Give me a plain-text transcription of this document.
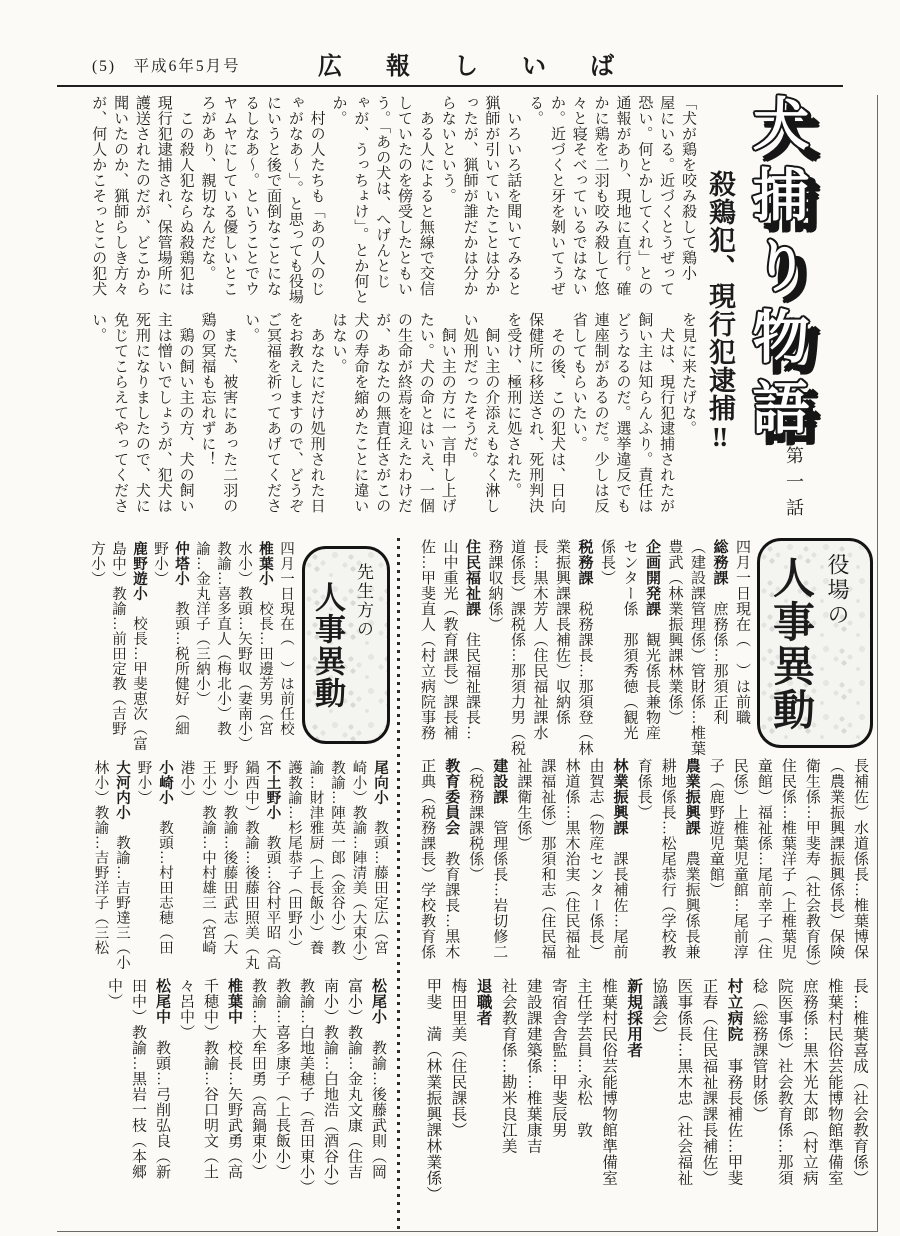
(5)　平成6年5月号	広　報　し　い　ば
犬捕り物語
殺鶏犯、現行犯逮捕‼
第一話
「犬が鶏を咬み殺して鶏小
屋にいる。近づくとうぜって
恐い。何とかしてくれ」との
通報があり、現地に直行。確
かに鶏を二羽も咬み殺して悠
々と寝そべっているではない
か。近づくと牙を剝いてうぜ
る。
　いろいろ話を聞いてみると
猟師が引いていたことは分か
ったが、猟師が誰だかは分か
らないという。
　ある人によると無線で交信
していたのを傍受したともい
う。「あの犬は、へげんとじ
ゃが、うっちょけ」。とか何と
か。
　村の人たちも「あの人のじ
ゃがなあ〜」。と思っても役場
にいうと後で面倒なことにな
るしなあ〜。ということでウ
ヤムヤにしている優しいとこ
ろがあり、親切なんだな。
　この殺人犯ならぬ殺鶏犯は
現行犯逮捕され、保管場所に
護送されたのだが、どこから
聞いたのか、猟師らしき方々
が、何人かこそっとこの犯犬
を見に来たげな。
　犬は、現行犯逮捕されたが
飼い主は知らんふり。責任は
どうなるのだ。選挙違反でも
連座制があるのだ。少しは反
省してもらいたい。
　その後、この犯犬は、日向
保健所に移送され、死刑判決
を受け、極刑に処された。
　飼い主の介添えもなく淋し
い処刑だったそうだ。
　飼い主の方に一言申し上げ
たい。犬の命とはいえ、一個
の生命が終焉を迎えたわけだ
が、あなたの無責任さがこの
犬の寿命を縮めたことに違い
はない。
　あなたにだけ処刑された日
をお教えしますので、どうぞ
ご冥福を祈ってあげてくださ
い。
　また、被害にあった二羽の
鶏の冥福も忘れずに！
　鶏の飼い主の方、犬の飼い
主は憎いでしょうが、犯犬は
死刑になりましたので、犬に
免じてこらえてやってくださ
い。
役場の
人事異動
四月一日現在（　）は前職
総務課　庶務係…那須正利
（建設課管理係）管財係…椎葉
豊武（林業振興課林業係）
企画開発課　観光係長兼物産
センター係　那須秀徳（観光
係長）
税務課　税務課長…那須登（林
業振興課課長補佐）収納係
長…黒木芳人（住民福祉課水
道係長）課税係…那須力男（税
務課収納係）
住民福祉課　住民福祉課長…
山中重光（教育課長）課長補
佐…甲斐直人（村立病院事務
長補佐）水道係長…椎葉博保
（農業振興課振興係長）保険
衛生係…甲斐寿（社会教育係）
住民係…椎葉洋子（上椎葉児
童館）福祉係…尾前幸子（住
民係）上椎葉児童館…尾前淳
子（鹿野遊児童館）
農業振興課　農業振興係長兼
耕地係長…松尾恭行（学校教
育係長）
林業振興課　課長補佐…尾前
由賀志（物産センター係長）
林道係…黒木治実（住民福祉
課福祉係）那須和志（住民福
祉課衛生係）
建設課　管理係長…岩切修二
（税務課課税係）
教育委員会　教育課長…黒木
正典（税務課長）学校教育係
長…椎葉喜成（社会教育係）
椎葉村民俗芸能博物館準備室
庶務係…黒木光太郎（村立病
院医事係）社会教育係…那須
稔（総務課管財係）
村立病院　事務長補佐…甲斐
正春（住民福祉課課長補佐）
医事係長…黒木忠（社会福祉
協議会）
新規採用者
椎葉村民俗芸能博物館準備室
主任学芸員…永松　敦
寄宿舎舎監…甲斐辰男
建設課建築係…椎葉康吉
社会教育係…勘米良江美
退職者
梅田里美（住民課長）
甲斐　満（林業振興課林業係）
先生方の
人事異動
四月一日現在（　）は前任校
椎葉小　校長…田邊芳男（宮
水小）教頭…矢野収（妻南小）
教諭…喜多直人（梅北小）教
諭…金丸洋子（三納小）
仲塔小　教頭…税所健好（細
野小）
鹿野遊小　校長…甲斐恵次（富
島中）教諭…前田定教（吉野
方小）
尾向小　教頭…藤田定広（宮
崎小）教諭…陣清美（大束小）
教諭…陣英一郎（金谷小）教
諭…財津雅厨（上長飯小）養
護教諭…杉尾恭子（田野小）
不土野小　教頭…谷村平昭（高
鍋西中）教諭…後藤田照美（丸
野小）教諭…後藤田武志（大
王小）教諭…中村雄三（宮崎
港小）
小崎小　教頭…村田志穂（田
野小）
大河内小　教諭…吉野達三（小
林小）教諭…吉野洋子（三松
松尾小　教諭…後藤武則（岡
富小）教諭…金丸文康（住吉
南小）教諭…白地浩（酒谷小）
教諭…白地美穂子（吾田東小）
教諭…喜多康子（上長飯小）
教諭…大牟田勇（高鍋東小）
椎葉中　校長…矢野武勇（高
千穂中）教諭…谷口明文（土
々呂中）
松尾中　教頭…弓削弘良（新
田中）教諭…黒岩一枝（本郷
中）
